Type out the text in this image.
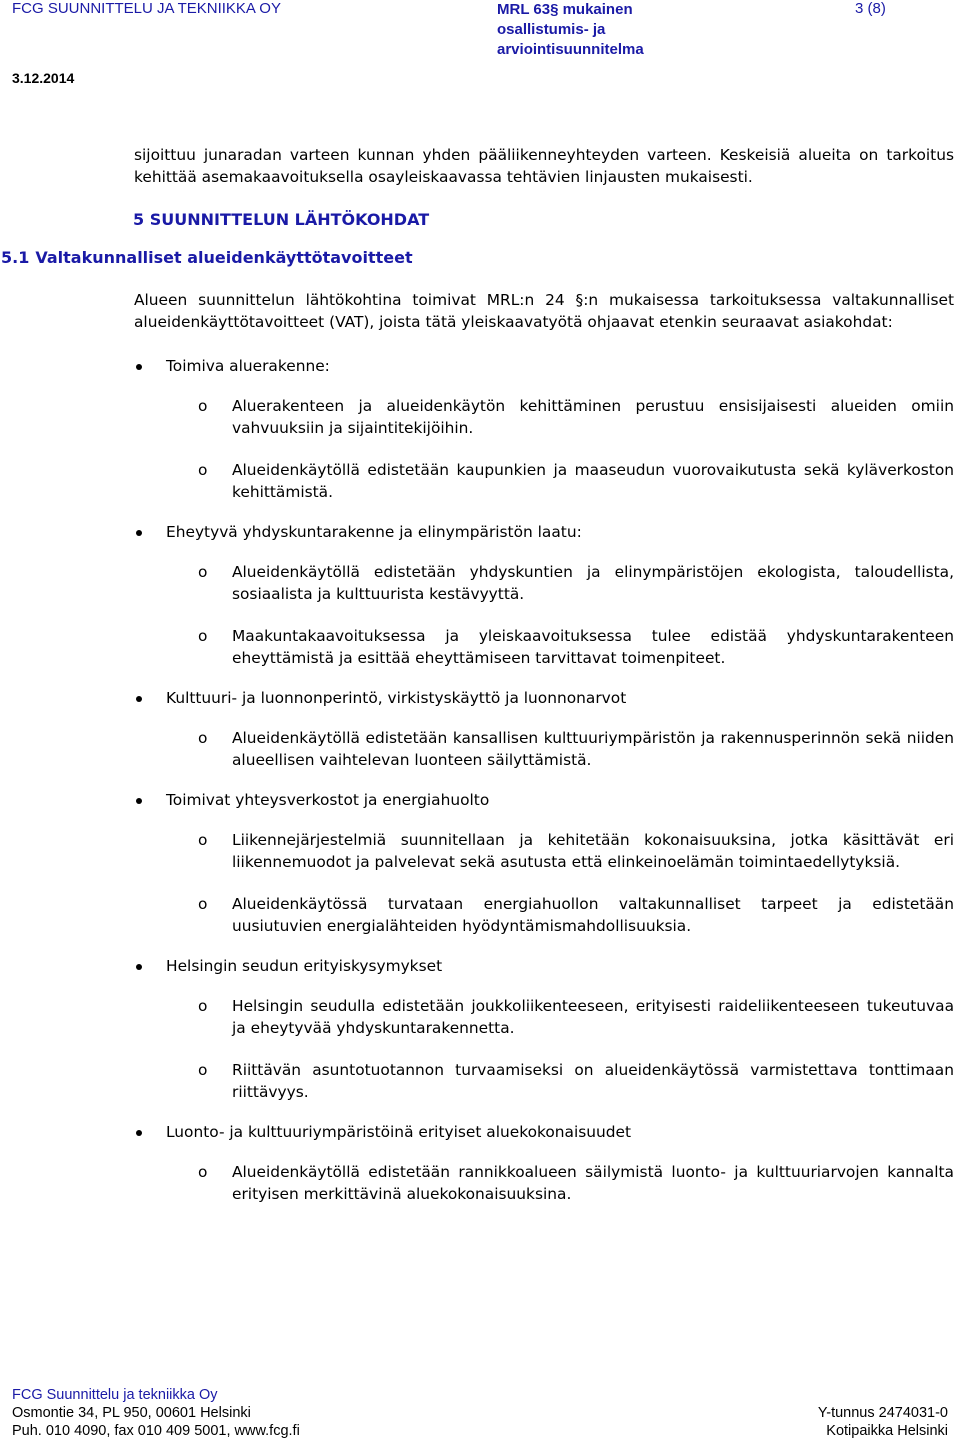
FCG SUUNNITTELU JA TEKNIIKKA OY	MRL 63§ mukainen
osallistumis- ja
arviointisuunnitelma
3 (8)
3.12.2014

sijoittuu junaradan varteen kunnan yhden pääliikenneyhteyden varteen. Keskeisiä alueita on tarkoitus kehittää asemakaavoituksella osayleiskaavassa tehtävien linjausten mukaisesti.

5 SUUNNITTELUN LÄHTÖKOHDAT
5.1 Valtakunnalliset alueidenkäyttötavoitteet

Alueen suunnittelun lähtökohtina toimivat MRL:n 24 §:n mukaisessa tarkoituksessa valtakunnalliset alueidenkäyttötavoitteet (VAT), joista tätä yleiskaavatyötä ohjaavat etenkin seuraavat asiakohdat:

Toimiva aluerakenne:
o Aluerakenteen ja alueidenkäytön kehittäminen perustuu ensisijaisesti alueiden omiin vahvuuksiin ja sijaintitekijöihin.
o Alueidenkäytöllä edistetään kaupunkien ja maaseudun vuorovaikutusta sekä kyläverkoston kehittämistä.
Eheytyvä yhdyskuntarakenne ja elinympäristön laatu:
o Alueidenkäytöllä edistetään yhdyskuntien ja elinympäristöjen ekologista, taloudellista, sosiaalista ja kulttuurista kestävyyttä.
o Maakuntakaavoituksessa ja yleiskaavoituksessa tulee edistää yhdyskuntarakenteen eheyttämistä ja esittää eheyttämiseen tarvittavat toimenpiteet.
Kulttuuri- ja luonnonperintö, virkistyskäyttö ja luonnonarvot
o Alueidenkäytöllä edistetään kansallisen kulttuuriympäristön ja rakennusperinnön sekä niiden alueellisen vaihtelevan luonteen säilyttämistä.
Toimivat yhteysverkostot ja energiahuolto
o Liikennejärjestelmiä suunnitellaan ja kehitetään kokonaisuuksina, jotka käsittävät eri liikennemuodot ja palvelevat sekä asutusta että elinkeinoelämän toimintaedellytyksiä.
o Alueidenkäytössä turvataan energiahuollon valtakunnalliset tarpeet ja edistetään uusiutuvien energialähteiden hyödyntämismahdollisuuksia.
Helsingin seudun erityiskysymykset
o Helsingin seudulla edistetään joukkoliikenteeseen, erityisesti raideliikenteeseen tukeutuvaa ja eheytyvää yhdyskuntarakennetta.
o Riittävän asuntotuotannon turvaamiseksi on alueidenkäytössä varmistettava tonttimaan riittävyys.
Luonto- ja kulttuuriympäristöinä erityiset aluekokonaisuudet
o Alueidenkäytöllä edistetään rannikkoalueen säilymistä luonto- ja kulttuuriarvojen kannalta erityisen merkittävinä aluekokonaisuuksina.
FCG Suunnittelu ja tekniikka Oy
Osmontie 34, PL 950, 00601 Helsinki	Y-tunnus 2474031-0
Puh. 010 4090, fax 010 409 5001, www.fcg.fi	Kotipaikka Helsinki
